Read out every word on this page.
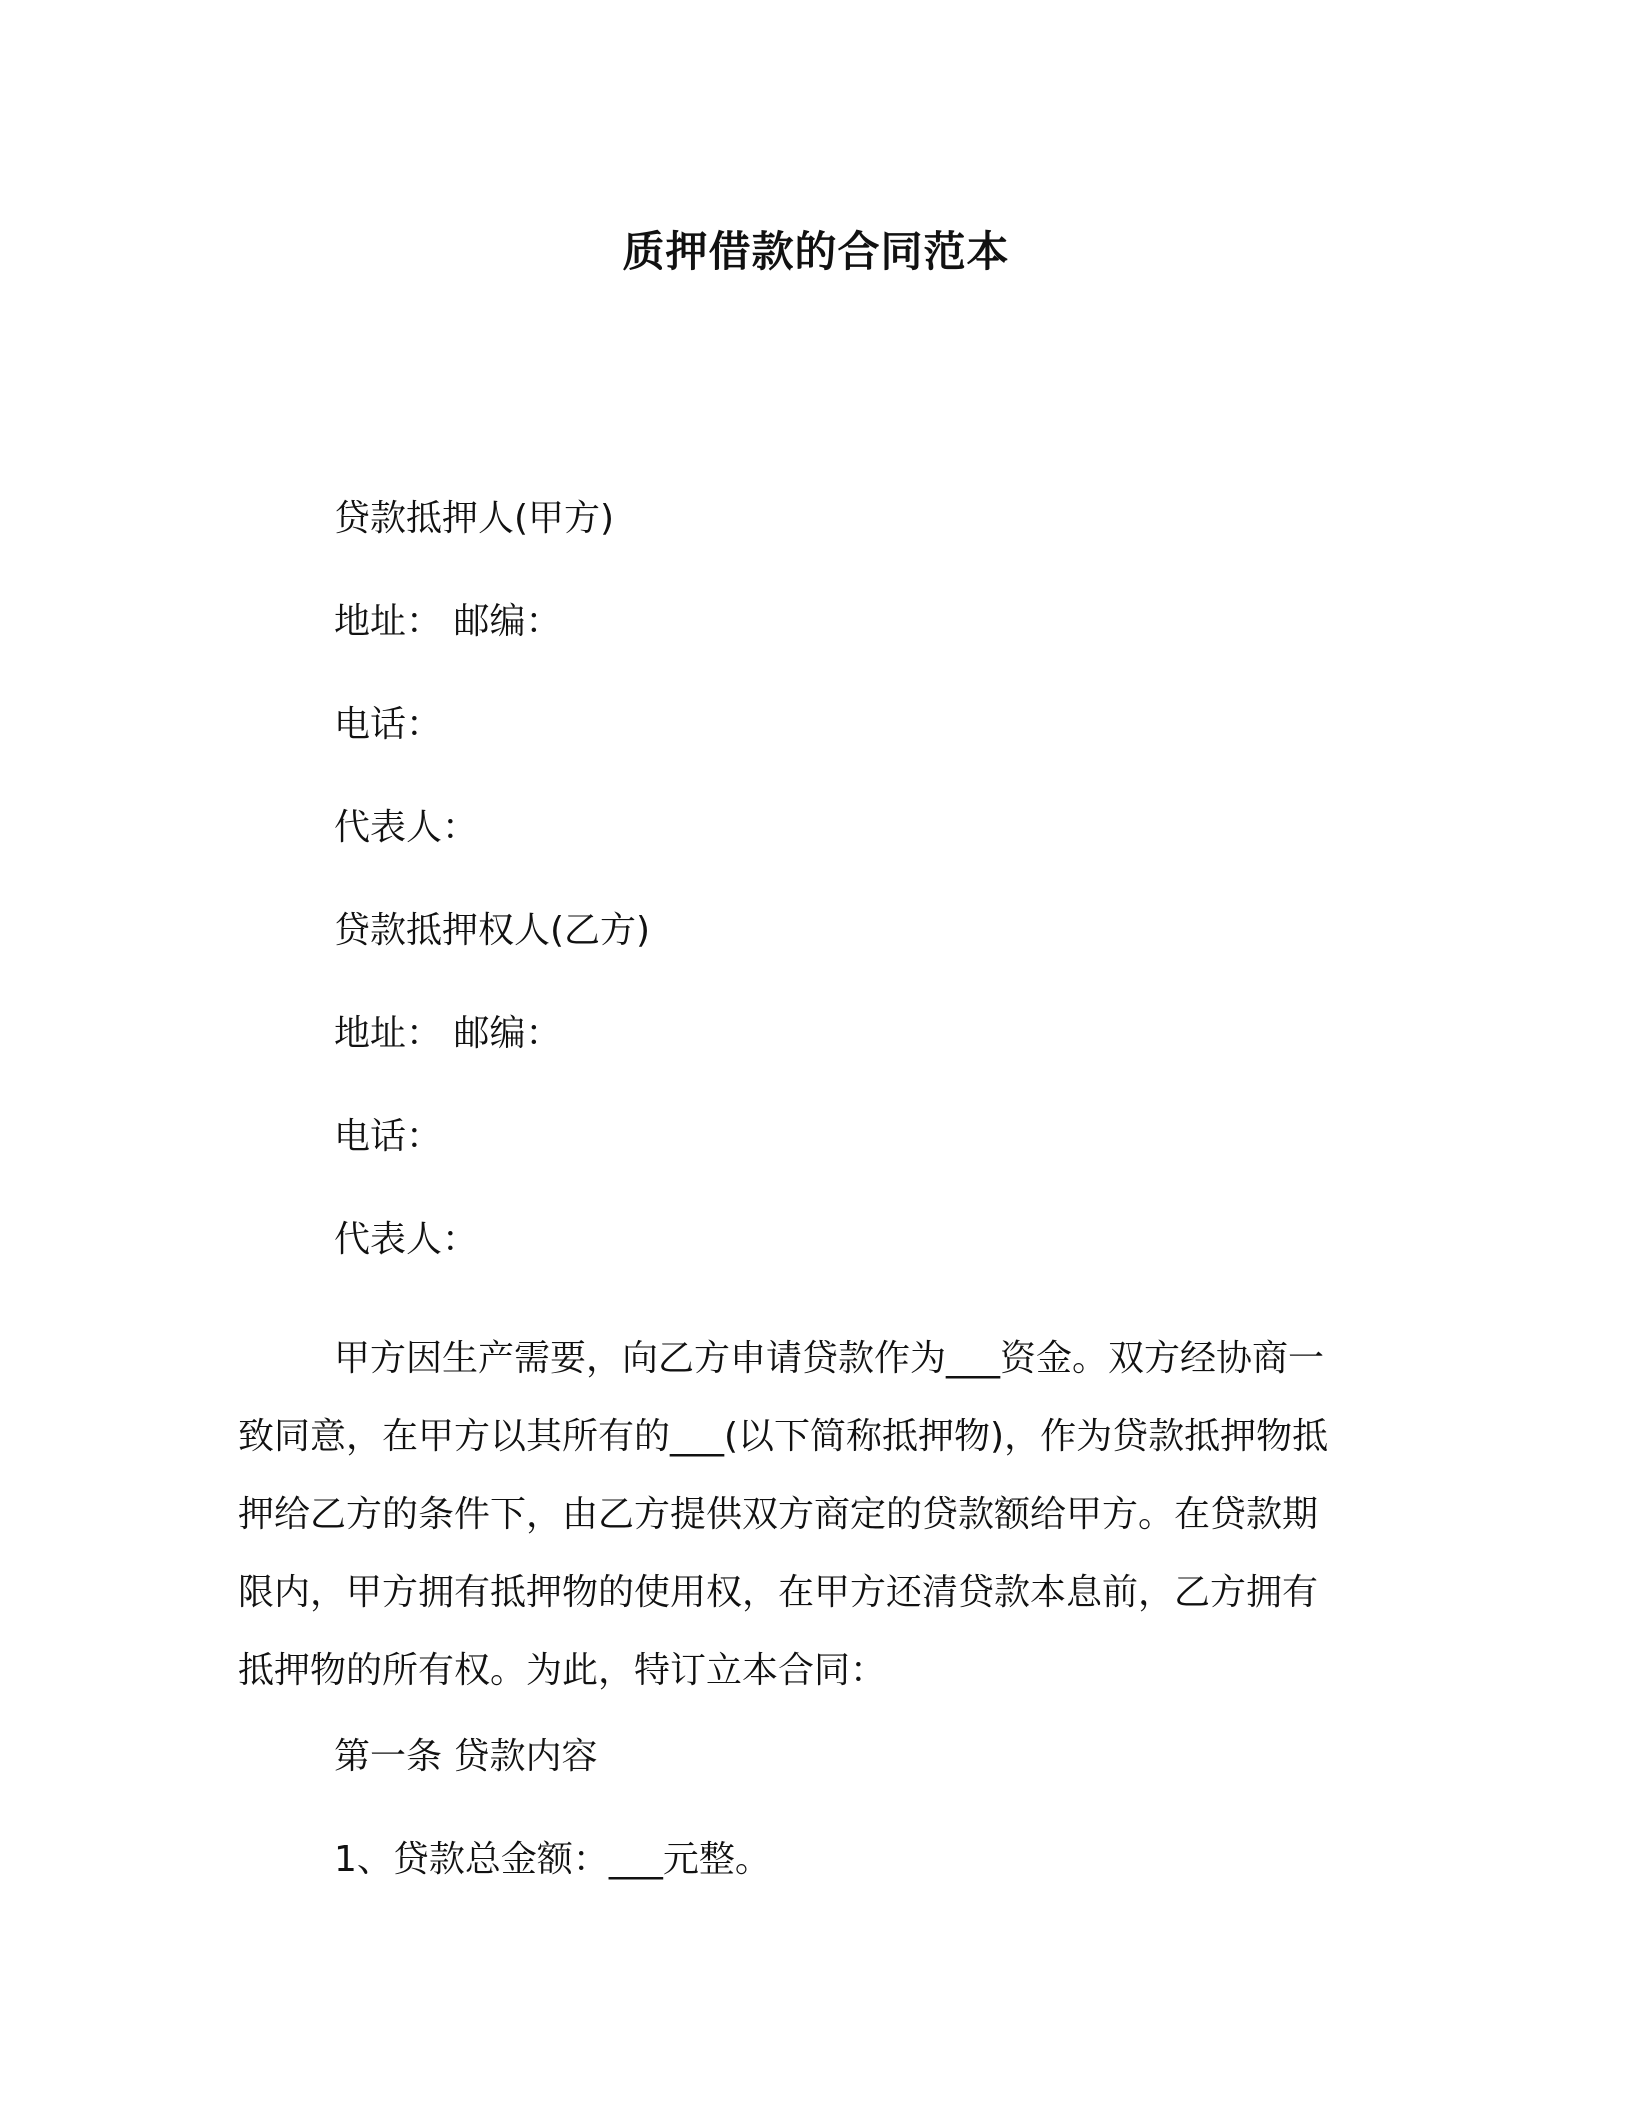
质押借款的合同范本
贷款抵押人(甲方)
地址： 邮编：
电话：
代表人：
贷款抵押权人(乙方)
地址： 邮编：
电话：
代表人：
甲方因生产需要，向乙方申请贷款作为___资金。双方经协商一
致同意，在甲方以其所有的___(以下简称抵押物)，作为贷款抵押物抵
押给乙方的条件下，由乙方提供双方商定的贷款额给甲方。在贷款期
限内，甲方拥有抵押物的使用权，在甲方还清贷款本息前，乙方拥有
抵押物的所有权。为此，特订立本合同：
第一条 贷款内容
1、贷款总金额：___元整。
